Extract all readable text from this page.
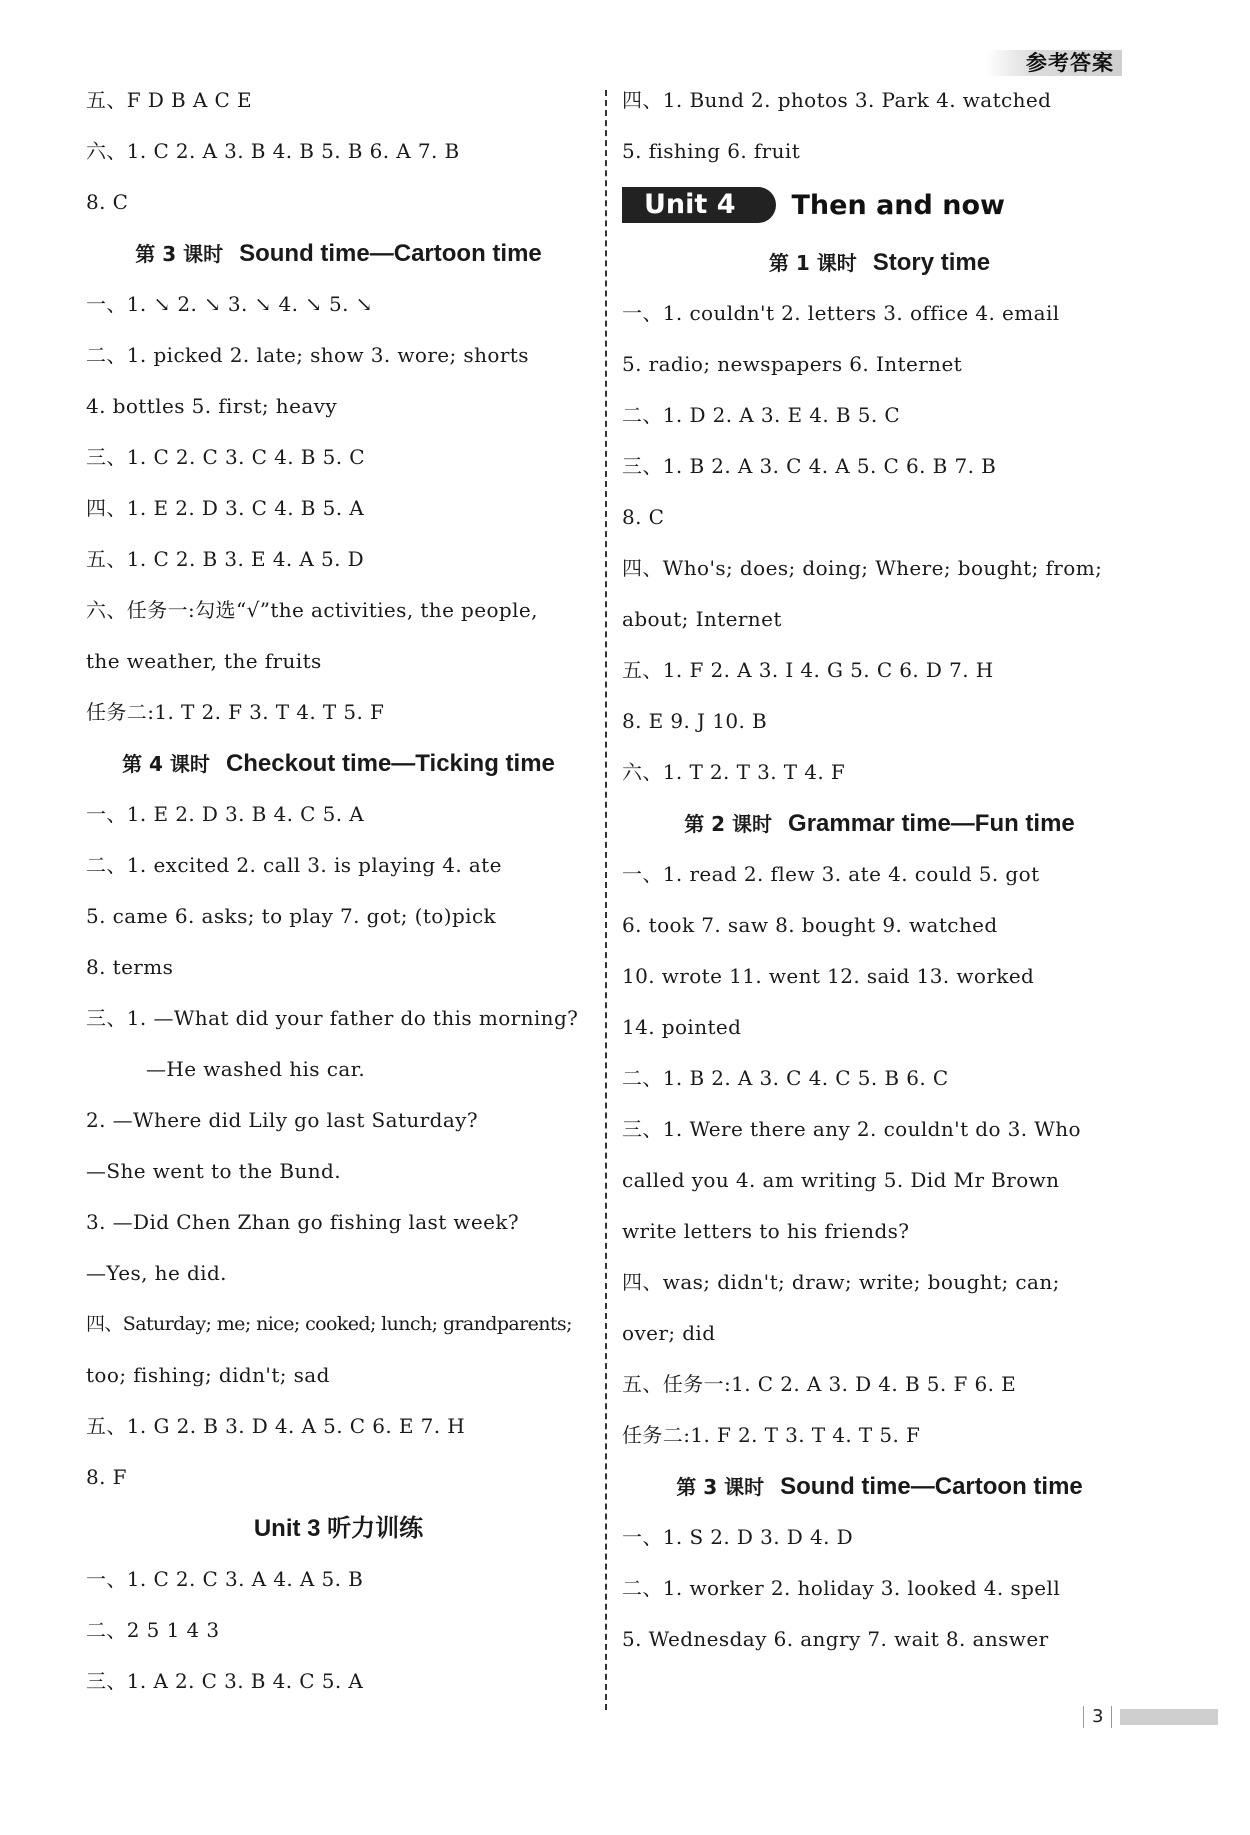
参考答案
五、F D B A C E
六、1. C 2. A 3. B 4. B 5. B 6. A 7. B
8. C
第 3 课时 Sound time—Cartoon time
一、1. ↘ 2. ↘ 3. ↘ 4. ↘ 5. ↘
二、1. picked 2. late; show 3. wore; shorts
4. bottles 5. first; heavy
三、1. C 2. C 3. C 4. B 5. C
四、1. E 2. D 3. C 4. B 5. A
五、1. C 2. B 3. E 4. A 5. D
六、任务一:勾选“√”the activities, the people,
the weather, the fruits
任务二:1. T 2. F 3. T 4. T 5. F
第 4 课时 Checkout time—Ticking time
一、1. E 2. D 3. B 4. C 5. A
二、1. excited 2. call 3. is playing 4. ate
5. came 6. asks; to play 7. got; (to)pick
8. terms
三、1. —What did your father do this morning?
—He washed his car.
2. —Where did Lily go last Saturday?
—She went to the Bund.
3. —Did Chen Zhan go fishing last week?
—Yes, he did.
四、Saturday; me; nice; cooked; lunch; grandparents;
too; fishing; didn't; sad
五、1. G 2. B 3. D 4. A 5. C 6. E 7. H
8. F
Unit 3 听力训练
一、1. C 2. C 3. A 4. A 5. B
二、2 5 1 4 3
三、1. A 2. C 3. B 4. C 5. A
四、1. Bund 2. photos 3. Park 4. watched
5. fishing 6. fruit
Unit 4	Then and now
第 1 课时 Story time
一、1. couldn't 2. letters 3. office 4. email
5. radio; newspapers 6. Internet
二、1. D 2. A 3. E 4. B 5. C
三、1. B 2. A 3. C 4. A 5. C 6. B 7. B
8. C
四、Who's; does; doing; Where; bought; from;
about; Internet
五、1. F 2. A 3. I 4. G 5. C 6. D 7. H
8. E 9. J 10. B
六、1. T 2. T 3. T 4. F
第 2 课时 Grammar time—Fun time
一、1. read 2. flew 3. ate 4. could 5. got
6. took 7. saw 8. bought 9. watched
10. wrote 11. went 12. said 13. worked
14. pointed
二、1. B 2. A 3. C 4. C 5. B 6. C
三、1. Were there any 2. couldn't do 3. Who
called you 4. am writing 5. Did Mr Brown
write letters to his friends?
四、was; didn't; draw; write; bought; can;
over; did
五、任务一:1. C 2. A 3. D 4. B 5. F 6. E
任务二:1. F 2. T 3. T 4. T 5. F
第 3 课时 Sound time—Cartoon time
一、1. S 2. D 3. D 4. D
二、1. worker 2. holiday 3. looked 4. spell
5. Wednesday 6. angry 7. wait 8. answer
3
